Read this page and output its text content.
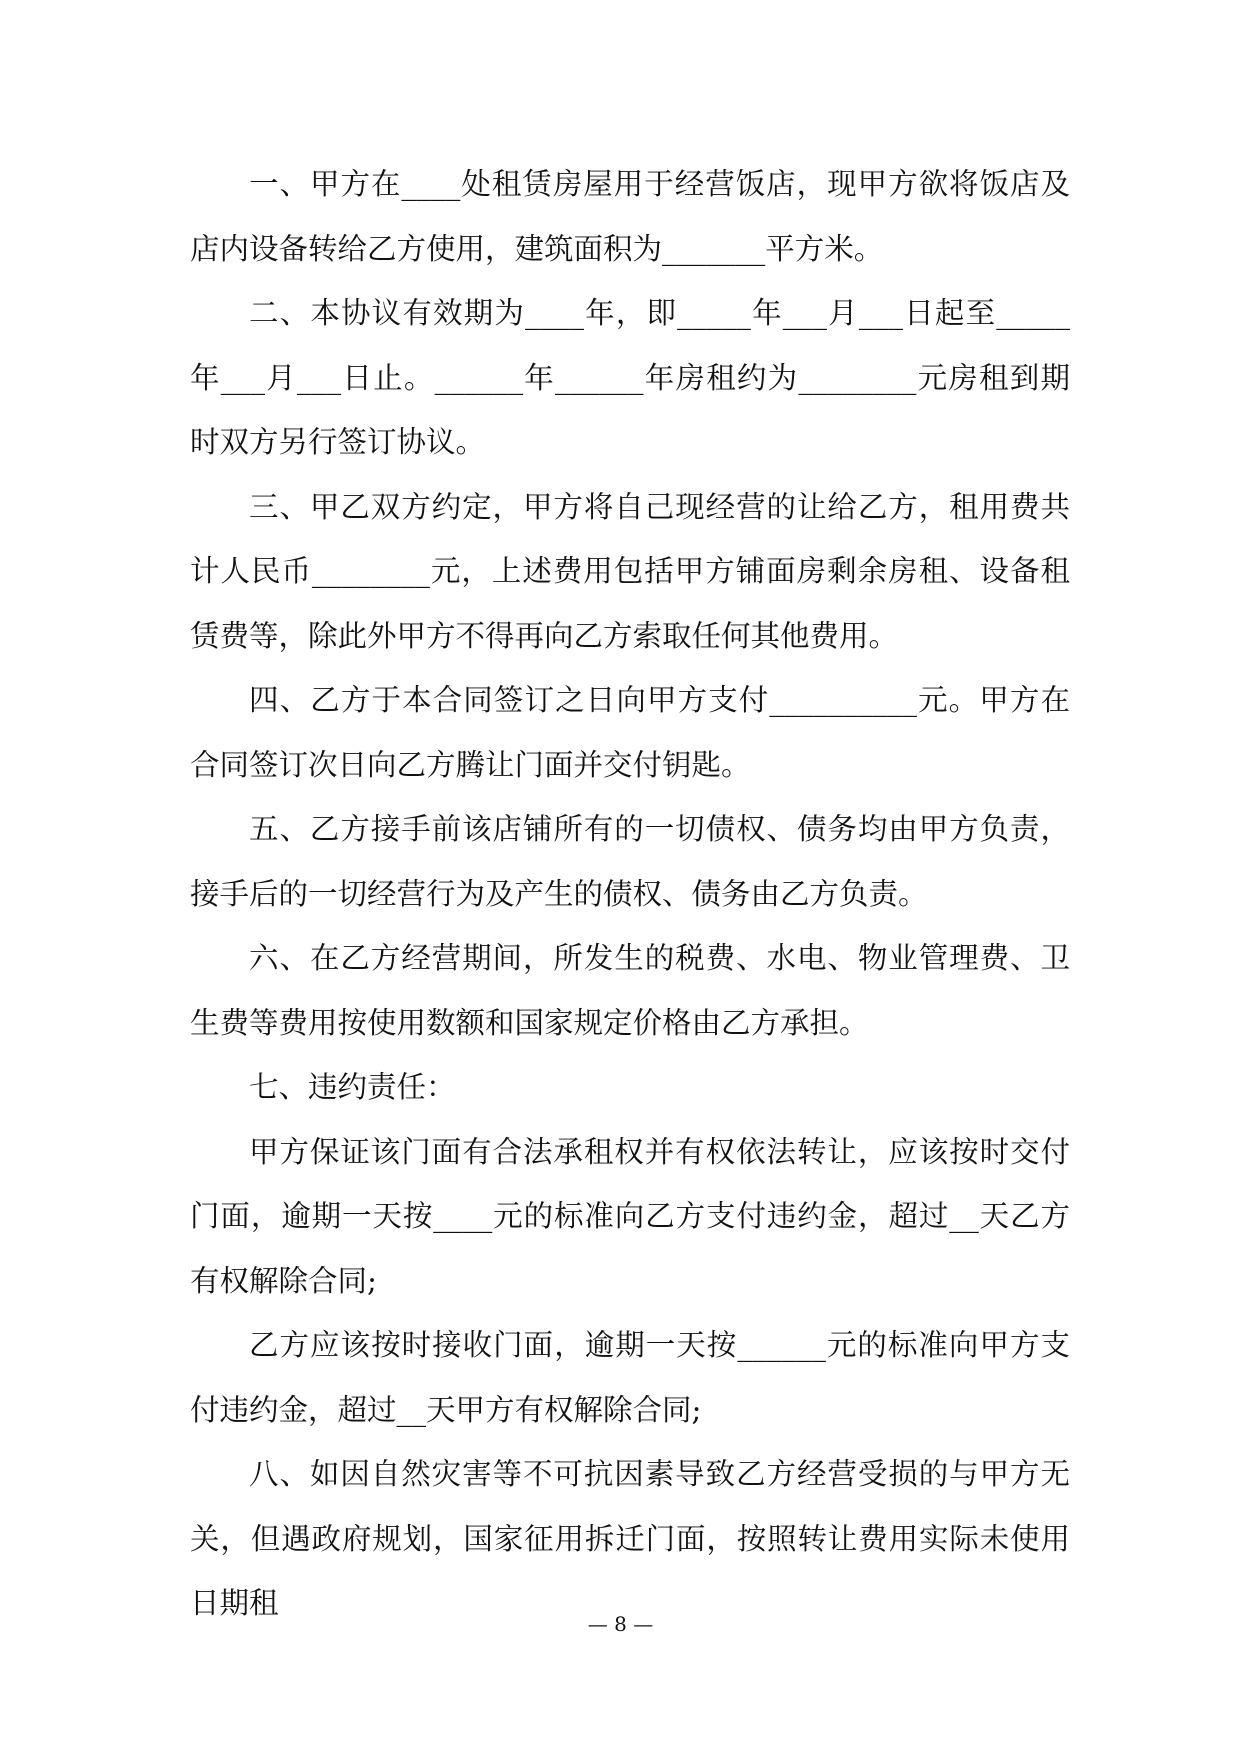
一、甲方在____处租赁房屋用于经营饭店，现甲方欲将饭店及店内设备转给乙方使用，建筑面积为_______平方米。

二、本协议有效期为____年，即_____年___月___日起至_____年___月___日止。______年______年房租约为________元房租到期时双方另行签订协议。

三、甲乙双方约定，甲方将自己现经营的让给乙方，租用费共计人民币________元，上述费用包括甲方铺面房剩余房租、设备租赁费等，除此外甲方不得再向乙方索取任何其他费用。

四、乙方于本合同签订之日向甲方支付__________元。甲方在合同签订次日向乙方腾让门面并交付钥匙。

五、乙方接手前该店铺所有的一切债权、债务均由甲方负责，接手后的一切经营行为及产生的债权、债务由乙方负责。

六、在乙方经营期间，所发生的税费、水电、物业管理费、卫生费等费用按使用数额和国家规定价格由乙方承担。

七、违约责任：

甲方保证该门面有合法承租权并有权依法转让，应该按时交付门面，逾期一天按____元的标准向乙方支付违约金，超过__天乙方有权解除合同;

乙方应该按时接收门面，逾期一天按______元的标准向甲方支付违约金，超过__天甲方有权解除合同;

八、如因自然灾害等不可抗因素导致乙方经营受损的与甲方无关，但遇政府规划，国家征用拆迁门面，按照转让费用实际未使用日期租

— 8 —
